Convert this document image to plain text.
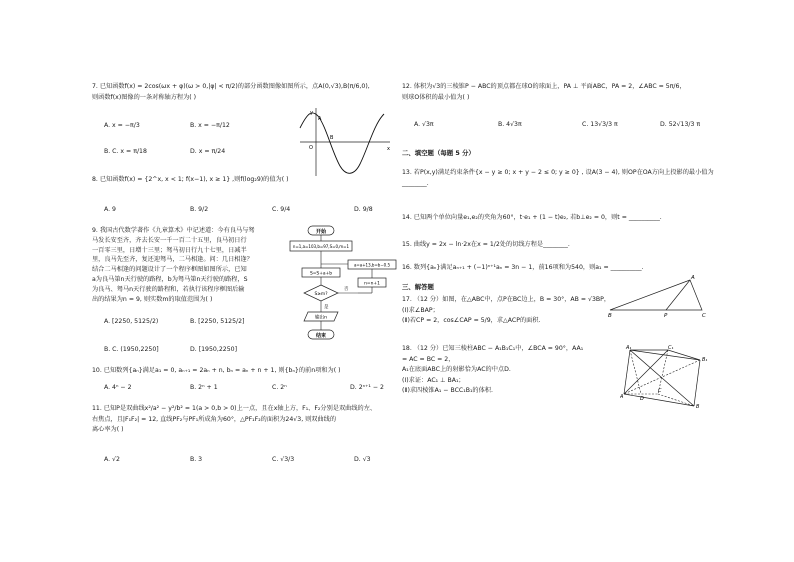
7. 已知函数f(x) = 2cos(ωx + φ)(ω > 0,|φ| < π/2)的部分函数图像如图所示，点A(0,√3),B(π/6,0),
则函数f(x)图像的一条对称轴方程为( )
A. x = −π/3	B. x = −π/12
B. C. x = π/18	D. x = π/24
y
x
O
A
B
8. 已知函数f(x) = {2^x, x < 1; f(x−1), x ≥ 1} ,则f(log₂9)的值为( )
A. 9	B. 9/2	C. 9/4	D. 9/8
9. 我国古代数学著作《九章算术》中记述道：今有良马与驽
马发长安至齐，齐去长安一千一百二十五里，良马初日行
一百零三里，日增十三里；驽马初日行九十七里，日减半
里，良马先至齐，复还迎驽马，二马相逢。问：几日相逢？
结合二马相逢的问题设计了一个程序框图如图所示，已知
a为良马第n天行驶的路程，b为驽马第n天行驶的路程，S
为良马、驽马n天行驶的路程和，若执行该程序框图后输
出的结果为n = 9, 则实数m的取值范围为( )
A. [2250, 5125/2)	B. [2250, 5125/2]
B. C. (1950,2250]	D. [1950,2250]
开始
n=1,a=103,b=97,S=0,m=1
a=a+13,b=b−0.5
S=S+a+b
S≥m?
否
n=n+1
是
输出n
结束
10. 已知数列{aₙ}满足a₁ = 0, aₙ₊₁ = 2aₙ + n, bₙ = aₙ + n + 1, 则{bₙ}的前n项和为( )
A. 4ⁿ − 2	B. 2ⁿ + 1	C. 2ⁿ	D. 2ⁿ⁺¹ − 2
11. 已知P是双曲线x²/a² − y²/b² = 1(a > 0,b > 0)上一点，且在x轴上方，F₁、F₂分别是双曲线的左、
右焦点，且|F₁F₂| = 12, 直线PF₂与PF₁所成角为60°，△PF₁F₂的面积为24√3, 则双曲线的
离心率为( )
A. √2	B. 3	C. √3/3	D. √3
12. 体积为√3的三棱锥P − ABC的顶点都在球O的球面上，PA ⊥ 平面ABC，PA = 2，∠ABC = 5π/6，
则球O体积的最小值为( )
A. √3π	B. 4√3π	C. 13√3/3 π	D. 52√13/3 π
二、填空题（每题 5 分）
13. 若P(x,y)满足约束条件{x − y ≥ 0; x + y − 2 ≤ 0; y ≥ 0} , 设A(3 − 4), 则OP在OA方向上投影的最小值为
________.
14. 已知两个单位向量e₁,e₂的夹角为60°，t·e₁ + (1 − t)e₂, 若b⊥e₂ = 0，则t = __________.
15. 曲线y = 2x − ln·2x在x = 1/2处的切线方程是________.
16. 数列{aₙ}满足aₙ₊₁ + (−1)ⁿ⁺¹aₙ = 3n − 1，前16项和为540，则a₁ = __________.
三、解答题
17. （12 分）如图，在△ABC中，点P在BC边上，B = 30°，AB = √3BP，
(Ⅰ)求∠BAP；
(Ⅱ)若CP = 2，cos∠CAP = 5/9，求△ACP的面积.
A
B	P	C
18. （12 分）已知三棱柱ABC − A₁B₁C₁中，∠BCA = 90°，AA₁
= AC = BC = 2，
A₁在底面ABC上的射影恰为AC的中点D.
(Ⅰ)求证：AC₁ ⊥ BA₁；
(Ⅱ)求四棱锥A₁ − BCC₁B₁的体积.
A₁	C₁
B₁
A
C
B
D
